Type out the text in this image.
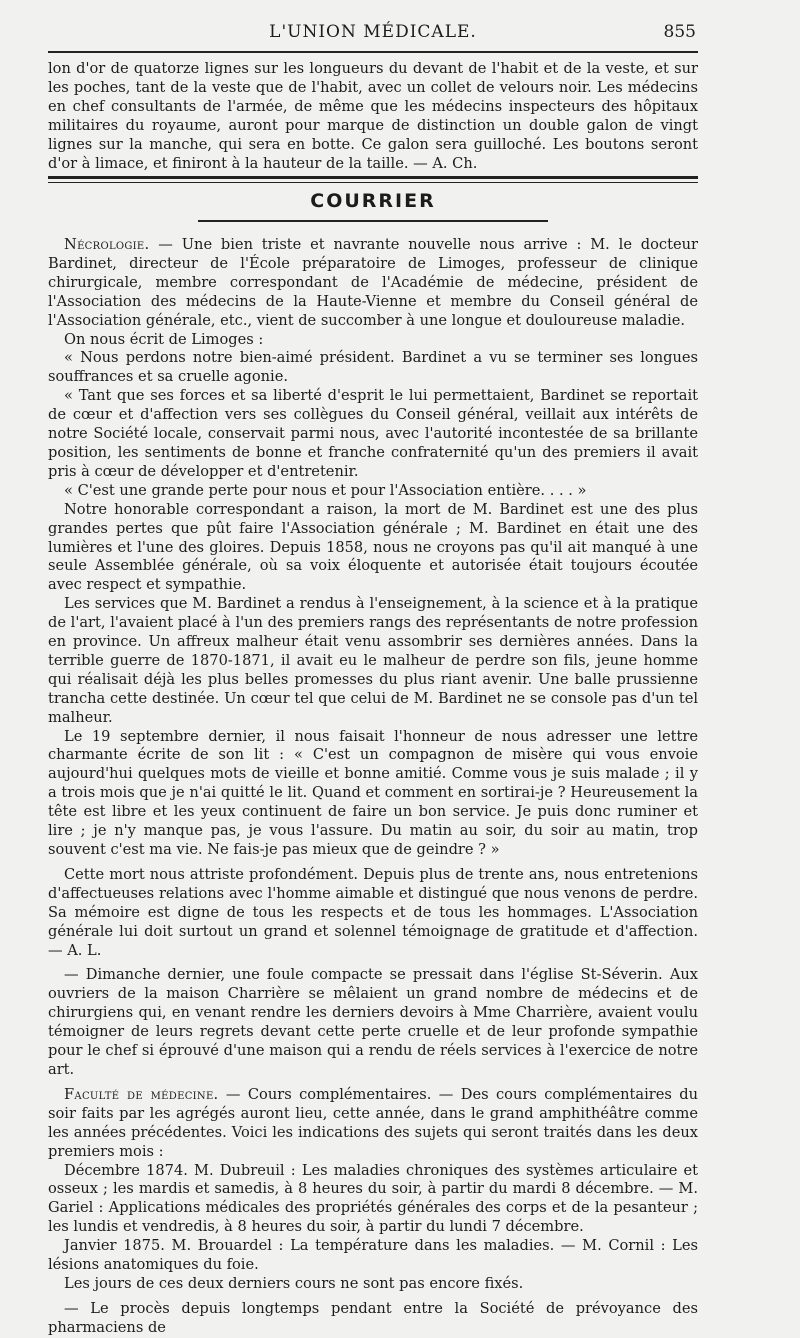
L'UNION MÉDICALE.	855

lon d'or de quatorze lignes sur les longueurs du devant de l'habit et de la veste, et sur les poches, tant de la veste que de l'habit, avec un collet de velours noir. Les médecins en chef consultants de l'armée, de même que les médecins inspecteurs des hôpitaux militaires du royaume, auront pour marque de distinction un double galon de vingt lignes sur la manche, qui sera en botte. Ce galon sera guilloché. Les boutons seront d'or à limace, et finiront à la hauteur de la taille. — A. Ch.

COURRIER

Nécrologie. — Une bien triste et navrante nouvelle nous arrive : M. le docteur Bardinet, directeur de l'École préparatoire de Limoges, professeur de clinique chirurgicale, membre correspondant de l'Académie de médecine, président de l'Association des médecins de la Haute-Vienne et membre du Conseil général de l'Association générale, etc., vient de succomber à une longue et douloureuse maladie.

On nous écrit de Limoges :

« Nous perdons notre bien-aimé président. Bardinet a vu se terminer ses longues souffrances et sa cruelle agonie.

« Tant que ses forces et sa liberté d'esprit le lui permettaient, Bardinet se reportait de cœur et d'affection vers ses collègues du Conseil général, veillait aux intérêts de notre Société locale, conservait parmi nous, avec l'autorité incontestée de sa brillante position, les sentiments de bonne et franche confraternité qu'un des premiers il avait pris à cœur de développer et d'entretenir.

« C'est une grande perte pour nous et pour l'Association entière. . . . »

Notre honorable correspondant a raison, la mort de M. Bardinet est une des plus grandes pertes que pût faire l'Association générale ; M. Bardinet en était une des lumières et l'une des gloires. Depuis 1858, nous ne croyons pas qu'il ait manqué à une seule Assemblée générale, où sa voix éloquente et autorisée était toujours écoutée avec respect et sympathie.

Les services que M. Bardinet a rendus à l'enseignement, à la science et à la pratique de l'art, l'avaient placé à l'un des premiers rangs des représentants de notre profession en province. Un affreux malheur était venu assombrir ses dernières années. Dans la terrible guerre de 1870-1871, il avait eu le malheur de perdre son fils, jeune homme qui réalisait déjà les plus belles promesses du plus riant avenir. Une balle prussienne trancha cette destinée. Un cœur tel que celui de M. Bardinet ne se console pas d'un tel malheur.

Le 19 septembre dernier, il nous faisait l'honneur de nous adresser une lettre charmante écrite de son lit : « C'est un compagnon de misère qui vous envoie aujourd'hui quelques mots de vieille et bonne amitié. Comme vous je suis malade ; il y a trois mois que je n'ai quitté le lit. Quand et comment en sortirai-je ? Heureusement la tête est libre et les yeux continuent de faire un bon service. Je puis donc ruminer et lire ; je n'y manque pas, je vous l'assure. Du matin au soir, du soir au matin, trop souvent c'est ma vie. Ne fais-je pas mieux que de geindre ? »

Cette mort nous attriste profondément. Depuis plus de trente ans, nous entretenions d'affectueuses relations avec l'homme aimable et distingué que nous venons de perdre. Sa mémoire est digne de tous les respects et de tous les hommages. L'Association générale lui doit surtout un grand et solennel témoignage de gratitude et d'affection. — A. L.

— Dimanche dernier, une foule compacte se pressait dans l'église St-Séverin. Aux ouvriers de la maison Charrière se mêlaient un grand nombre de médecins et de chirurgiens qui, en venant rendre les derniers devoirs à Mme Charrière, avaient voulu témoigner de leurs regrets devant cette perte cruelle et de leur profonde sympathie pour le chef si éprouvé d'une maison qui a rendu de réels services à l'exercice de notre art.

Faculté de médecine. — Cours complémentaires. — Des cours complémentaires du soir faits par les agrégés auront lieu, cette année, dans le grand amphithéâtre comme les années précédentes. Voici les indications des sujets qui seront traités dans les deux premiers mois :

Décembre 1874. M. Dubreuil : Les maladies chroniques des systèmes articulaire et osseux ; les mardis et samedis, à 8 heures du soir, à partir du mardi 8 décembre. — M. Gariel : Applications médicales des propriétés générales des corps et de la pesanteur ; les lundis et vendredis, à 8 heures du soir, à partir du lundi 7 décembre.

Janvier 1875. M. Brouardel : La température dans les maladies. — M. Cornil : Les lésions anatomiques du foie.

Les jours de ces deux derniers cours ne sont pas encore fixés.

— Le procès depuis longtemps pendant entre la Société de prévoyance des pharmaciens de
